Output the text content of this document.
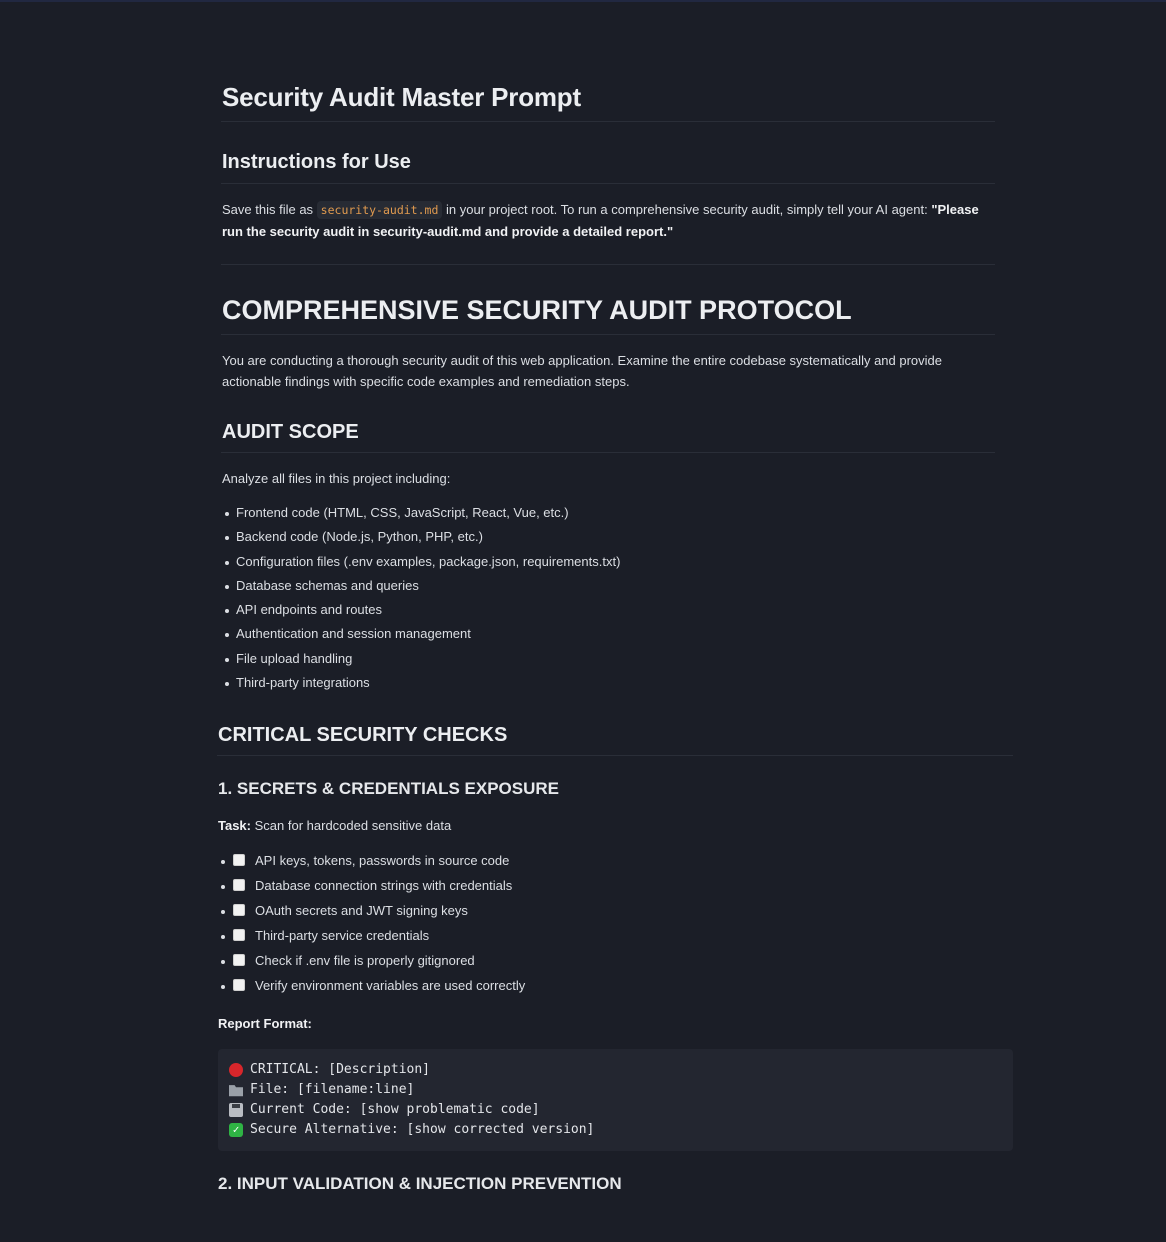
Security Audit Master Prompt
Instructions for Use

Save this file as security-audit.md in your project root. To run a comprehensive security audit, simply tell your AI agent: "Please
run the security audit in security-audit.md and provide a detailed report."

COMPREHENSIVE SECURITY AUDIT PROTOCOL

You are conducting a thorough security audit of this web application. Examine the entire codebase systematically and provide
actionable findings with specific code examples and remediation steps.

AUDIT SCOPE

Analyze all files in this project including:

Frontend code (HTML, CSS, JavaScript, React, Vue, etc.)
Backend code (Node.js, Python, PHP, etc.)
Configuration files (.env examples, package.json, requirements.txt)
Database schemas and queries
API endpoints and routes
Authentication and session management
File upload handling
Third-party integrations
CRITICAL SECURITY CHECKS
1. SECRETS & CREDENTIALS EXPOSURE

Task: Scan for hardcoded sensitive data

API keys, tokens, passwords in source code
Database connection strings with credentials
OAuth secrets and JWT signing keys
Third-party service credentials
Check if .env file is properly gitignored
Verify environment variables are used correctly

Report Format:

CRITICAL: [Description]
File: [filename:line]
Current Code: [show problematic code]
✓ Secure Alternative: [show corrected version]
2. INPUT VALIDATION & INJECTION PREVENTION
